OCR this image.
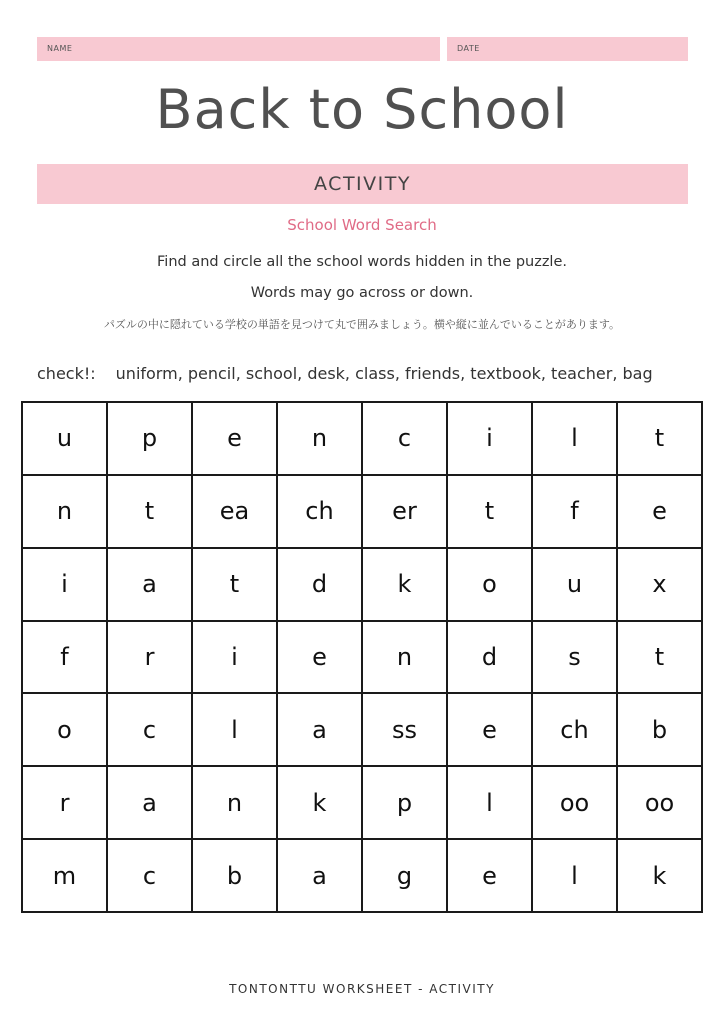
NAME	DATE
Back to School
ACTIVITY
School Word Search
Find and circle all the school words hidden in the puzzle.
Words may go across or down.
パズルの中に隠れている学校の単語を見つけて丸で囲みましょう。横や縦に並んでいることがあります。
check!: uniform, pencil, school, desk, class, friends, textbook, teacher, bag
u	p	e	n	c	i	l	t
n	t	ea	ch	er	t	f	e
i	a	t	d	k	o	u	x
f	r	i	e	n	d	s	t
o	c	l	a	ss	e	ch	b
r	a	n	k	p	l	oo	oo
m	c	b	a	g	e	l	k
TONTONTTU WORKSHEET - ACTIVITY
